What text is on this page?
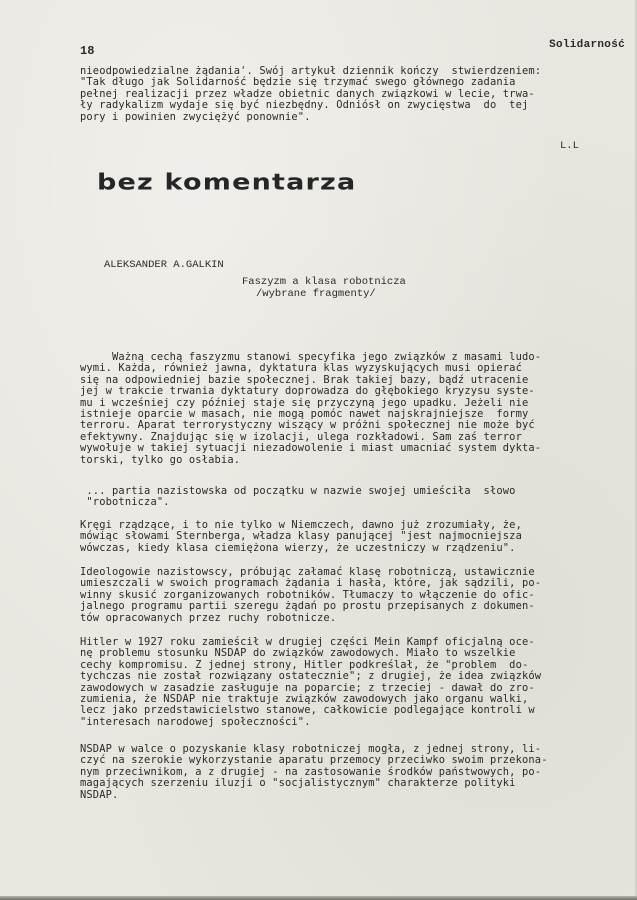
18	Solidarność
nieodpowiedzialne żądania'. Swój artykuł dziennik kończy  stwierdzeniem:
"Tak długo jak Solidarność będzie się trzymać swego głównego zadania
pełnej realizacji przez władze obietnic danych związkowi w lecie, trwa-
ły radykalizm wydaje się być niezbędny. Odniósł on zwycięstwa  do  tej
pory i powinien zwyciężyć ponownie".
L.L
bez komentarza
ALEKSANDER A.GALKIN
Faszyzm a klasa robotnicza
/wybrane fragmenty/
Ważną cechą faszyzmu stanowi specyfika jego związków z masami ludo-
wymi. Każda, również jawna, dyktatura klas wyzyskujących musi opierać
się na odpowiedniej bazie społecznej. Brak takiej bazy, bądź utracenie
jej w trakcie trwania dyktatury doprowadza do głębokiego kryzysu syste-
mu i wcześniej czy później staje się przyczyną jego upadku. Jeżeli nie
istnieje oparcie w masach, nie mogą pomóc nawet najskrajniejsze  formy
terroru. Aparat terrorystyczny wiszący w próżni społecznej nie może być
efektywny. Znajdując się w izolacji, ulega rozkładowi. Sam zaś terror
wywołuje w takiej sytuacji niezadowolenie i miast umacniać system dykta-
torski, tylko go osłabia.
... partia nazistowska od początku w nazwie swojej umieściła  słowo
"robotnicza".
Kręgi rządzące, i to nie tylko w Niemczech, dawno już zrozumiały, że,
mówiąc słowami Sternberga, władza klasy panującej "jest najmocniejsza
wówczas, kiedy klasa ciemiężona wierzy, że uczestniczy w rządzeniu".
Ideologowie nazistowscy, próbując załamać klasę robotniczą, ustawicznie
umieszczali w swoich programach żądania i hasła, które, jak sądzili, po-
winny skusić zorganizowanych robotników. Tłumaczy to włączenie do ofic-
jalnego programu partii szeregu żądań po prostu przepisanych z dokumen-
tów opracowanych przez ruchy robotnicze.
Hitler w 1927 roku zamieścił w drugiej części Mein Kampf oficjalną oce-
nę problemu stosunku NSDAP do związków zawodowych. Miało to wszelkie
cechy kompromisu. Z jednej strony, Hitler podkreślał, że "problem  do-
tychczas nie został rozwiązany ostatecznie"; z drugiej, że idea związków
zawodowych w zasadzie zasługuje na poparcie; z trzeciej - dawał do zro-
zumienia, że NSDAP nie traktuje związków zawodowych jako organu walki,
lecz jako przedstawicielstwo stanowe, całkowicie podlegające kontroli w
"interesach narodowej społeczności".
NSDAP w walce o pozyskanie klasy robotniczej mogła, z jednej strony, li-
czyć na szerokie wykorzystanie aparatu przemocy przeciwko swoim przekona-
nym przeciwnikom, a z drugiej - na zastosowanie środków państwowych, po-
magających szerzeniu iluzji o "socjalistycznym" charakterze polityki
NSDAP.
